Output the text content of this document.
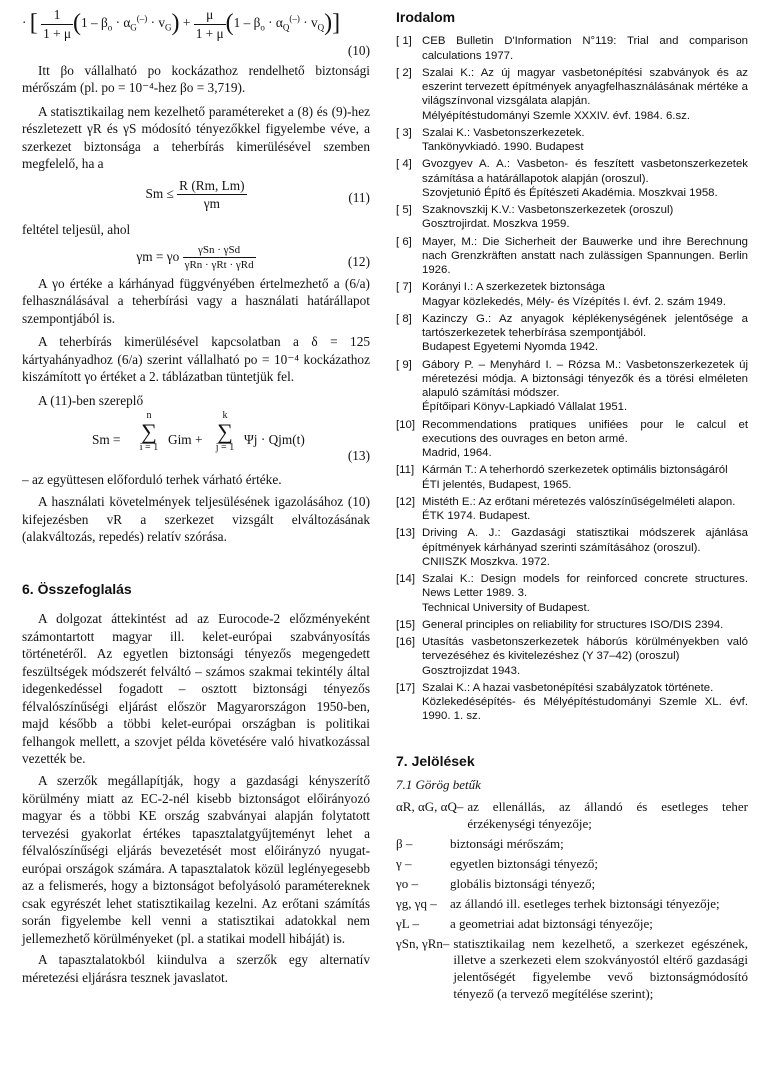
· [ $\frac{1}{1 + \mu} (1 - \beta_o \cdot \alpha_G^{(-)} \cdot v_G) + \frac{\mu}{1 + \mu} (1 - \beta_o \cdot \alpha_Q^{(-)} \cdot v_Q)$]
(10)

Itt βo vállalható po kockázathoz rendelhető biztonsági mérőszám (pl. po = 10⁻⁴-hez βo = 3,719).

A statisztikailag nem kezelhető paramétereket a (8) és (9)-hez részletezett γR és γS módosító tényezőkkel figyelembe véve, a szerkezet biztonsága a teherbírás kimerülésével szemben megfelelő, ha a

$Sm \le \frac{R (Rm, Lm)}{\gamma m}$	(11)

feltétel teljesül, ahol

γm = γo $\frac{\text{γSn · γSd}}{\text{γRn · γRt · γRd}}$	(12)

A γo értéke a kárhányad függvényében értelmezhető a (6/a) felhasználásával a teherbírási vagy a használati határállapot szempontjából is.

A teherbírás kimerülésével kapcsolatban a δ = 125 kártyahányadhoz (6/a) szerint vállalható po = 10⁻⁴ kockázathoz kiszámított γo értéket a 2. táblázatban tüntetjük fel.

A (11)-ben szereplő

Sm =
n
∑
i = 1
Gim +
k
∑
j = 1
Ψj · Qjm(t)
(13)

– az együttesen előforduló terhek várható értéke.

A használati követelmények teljesülésének igazolásához (10) kifejezésben vR a szerkezet vizsgált elváltozásának (alakváltozás, repedés) relatív szórása.

6. Összefoglalás

A dolgozat áttekintést ad az Eurocode-2 előzményeként számontartott magyar ill. kelet-európai szabványosítás történetéről. Az egyetlen biztonsági tényezős megengedett feszültségek módszerét felváltó – számos szakmai tekintély által idegenkedéssel fogadott – osztott biztonsági tényezős félvalószínűségi eljárást először Magyarországon 1950-ben, majd később a többi kelet-európai országban is politikai felhangok mellett, a szovjet példa követésére való hivatkozással vezették be.

A szerzők megállapítják, hogy a gazdasági kényszerítő körülmény miatt az EC-2-nél kisebb biztonságot előirányozó magyar és a többi KE ország szabványai alapján folytatott tervezési gyakorlat értékes tapasztalatgyűjteményt lehet a félvalószínűségi eljárás bevezetését most előirányzó nyugat-európai országok számára. A tapasztalatok közül leglényegesebb az a felismerés, hogy a biztonságot befolyásoló paramétereknek csak egyrészét lehet statisztikailag kezelni. Az erőtani számítás során figyelembe kell venni a statisztikai adatokkal nem jellemezhető körülményeket (pl. a statikai modell hibáját) is.

A tapasztalatokból kiindulva a szerzők egy alternatív méretezési eljárásra tesznek javaslatot.

Irodalom
[ 1] CEB Bulletin D'Information N°119: Trial and comparison calculations 1977.
[ 2] Szalai K.: Az új magyar vasbetonépítési szabványok és az eszerint tervezett építmények anyagfelhasználásának mértéke a világszínvonal vizsgálata alapján.
Mélyépítéstudományi Szemle XXXIV. évf. 1984. 6.sz.
[ 3] Szalai K.: Vasbetonszerkezetek.
Tankönyvkiadó. 1990. Budapest
[ 4] Gvozgyev A. A.: Vasbeton- és feszített vasbetonszerkezetek számítása a határállapotok alapján (oroszul).
Szovjetunió Építő és Építészeti Akadémia. Moszkvai 1958.
[ 5] Szaknovszkij K.V.: Vasbetonszerkezetek (oroszul)
Gosztrojirdat. Moszkva 1959.
[ 6] Mayer, M.: Die Sicherheit der Bauwerke und ihre Berechnung nach Grenzkräften anstatt nach zulässigen Spannungen. Berlin 1926.
[ 7] Korányi I.: A szerkezetek biztonsága
Magyar közlekedés, Mély- és Vízépítés I. évf. 2. szám 1949.
[ 8] Kazinczy G.: Az anyagok képlékenységének jelentősége a tartószerkezetek teherbírása szempontjából.
Budapest Egyetemi Nyomda 1942.
[ 9] Gábory P. – Menyhárd I. – Rózsa M.: Vasbetonszerkezetek új méretezési módja. A biztonsági tényezők és a törési elméleten alapuló számítási módszer.
Építőipari Könyv-Lapkiadó Vállalat 1951.
[10] Recommendations pratiques unifiées pour le calcul et executions des ouvrages en beton armé.
Madrid, 1964.
[11] Kármán T.: A teherhordó szerkezetek optimális biztonságáról
ÉTI jelentés, Budapest, 1965.
[12] Mistéth E.: Az erőtani méretezés valószínűségelméleti alapon.
ÉTK 1974. Budapest.
[13] Driving A. J.: Gazdasági statisztikai módszerek ajánlása építmények kárhányad szerinti számításához (oroszul).
CNIISZK Moszkva. 1972.
[14] Szalai K.: Design models for reinforced concrete structures. News Letter 1989. 3.
Technical University of Budapest.
[15] General principles on reliability for structures ISO/DIS 2394.
[16] Utasítás vasbetonszerkezetek háborús körülményekben való tervezéséhez és kivitelezéshez (Y 37–42) (oroszul)
Gosztrojizdat 1943.
[17] Szalai K.: A hazai vasbetonépítési szabályzatok története.
Közlekedésépítés- és Mélyépítéstudományi Szemle XL. évf. 1990. 1. sz.
7. Jelölések
7.1 Görög betűk
αR, αG, αQ– az ellenállás, az állandó és esetleges teher érzékenységi tényezője;
β –	biztonsági mérőszám;
γ –	egyetlen biztonsági tényező;
γo –	globális biztonsági tényező;
γg, γq –	az állandó ill. esetleges terhek biztonsági tényezője;
γL –	a geometriai adat biztonsági tényezője;
γSn, γRn– statisztikailag nem kezelhető, a szerkezet egészének, illetve a szerkezeti elem szokványostól eltérő gazdasági jelentőségét figyelembe vevő biztonságmódosító tényező (a tervező megítélése szerint);
